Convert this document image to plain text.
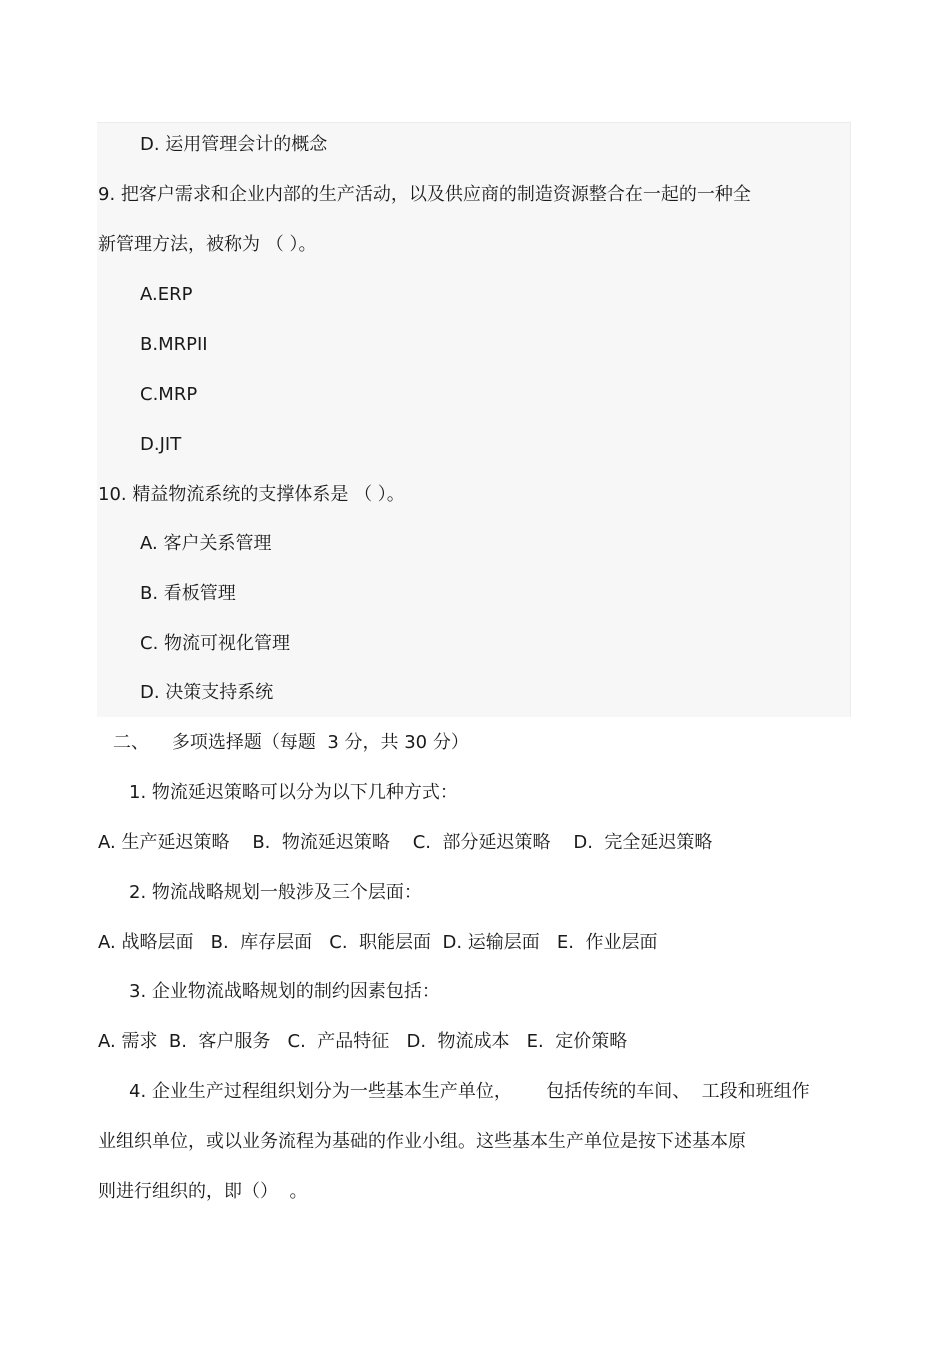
D. 运用管理会计的概念

9. 把客户需求和企业内部的生产活动，以及供应商的制造资源整合在一起的一种全

新管理方法，被称为 （ ）。

A.ERP

B.MRPII

C.MRP

D.JIT

10. 精益物流系统的支撑体系是 （ ）。

A. 客户关系管理

B. 看板管理

C. 物流可视化管理

D. 决策支持系统

二、    多项选择题（每题  3 分，共 30 分）

1. 物流延迟策略可以分为以下几种方式：

A. 生产延迟策略    B.  物流延迟策略    C.  部分延迟策略    D.  完全延迟策略

2. 物流战略规划一般涉及三个层面：

A. 战略层面   B.  库存层面   C.  职能层面  D. 运输层面   E.  作业层面

3. 企业物流战略规划的制约因素包括：

A. 需求  B.  客户服务   C.  产品特征   D.  物流成本   E.  定价策略

4. 企业生产过程组织划分为一些基本生产单位，      包括传统的车间、  工段和班组作

业组织单位，或以业务流程为基础的作业小组。这些基本生产单位是按下述基本原

则进行组织的，即（）  。
